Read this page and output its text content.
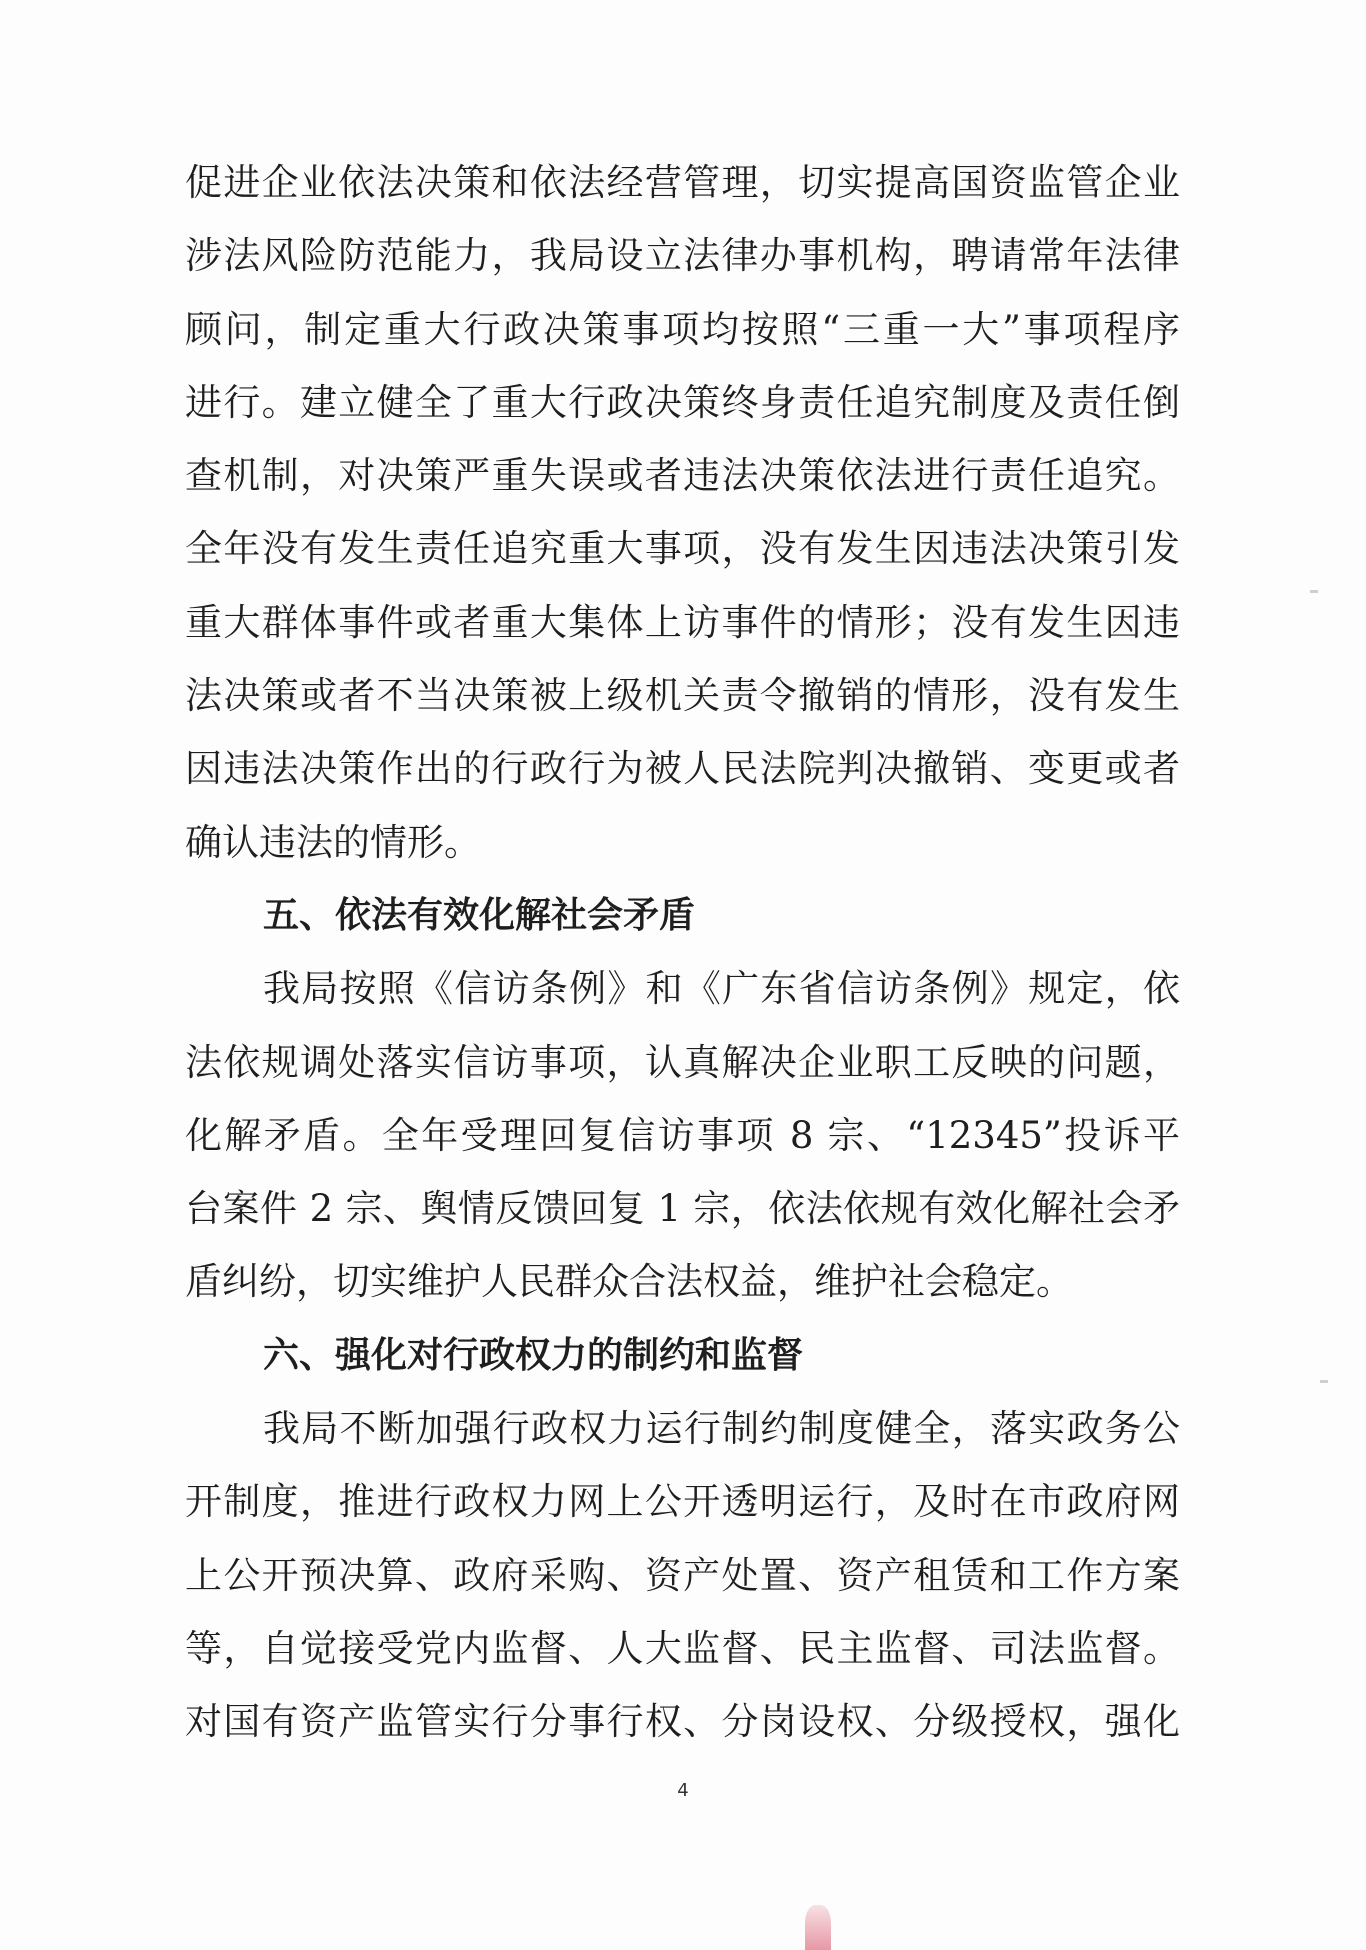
促进企业依法决策和依法经营管理，切实提高国资监管企业
涉法风险防范能力，我局设立法律办事机构，聘请常年法律
顾问，制定重大行政决策事项均按照“三重一大”事项程序
进行。建立健全了重大行政决策终身责任追究制度及责任倒
查机制，对决策严重失误或者违法决策依法进行责任追究。
全年没有发生责任追究重大事项，没有发生因违法决策引发
重大群体事件或者重大集体上访事件的情形；没有发生因违
法决策或者不当决策被上级机关责令撤销的情形，没有发生
因违法决策作出的行政行为被人民法院判决撤销、变更或者
确认违法的情形。
五、依法有效化解社会矛盾
我局按照《信访条例》和《广东省信访条例》规定，依
法依规调处落实信访事项，认真解决企业职工反映的问题，
化解矛盾。全年受理回复信访事项 8 宗、“12345”投诉平
台案件 2 宗、舆情反馈回复 1 宗，依法依规有效化解社会矛
盾纠纷，切实维护人民群众合法权益，维护社会稳定。
六、强化对行政权力的制约和监督
我局不断加强行政权力运行制约制度健全，落实政务公
开制度，推进行政权力网上公开透明运行，及时在市政府网
上公开预决算、政府采购、资产处置、资产租赁和工作方案
等，自觉接受党内监督、人大监督、民主监督、司法监督。
对国有资产监管实行分事行权、分岗设权、分级授权，强化
4
